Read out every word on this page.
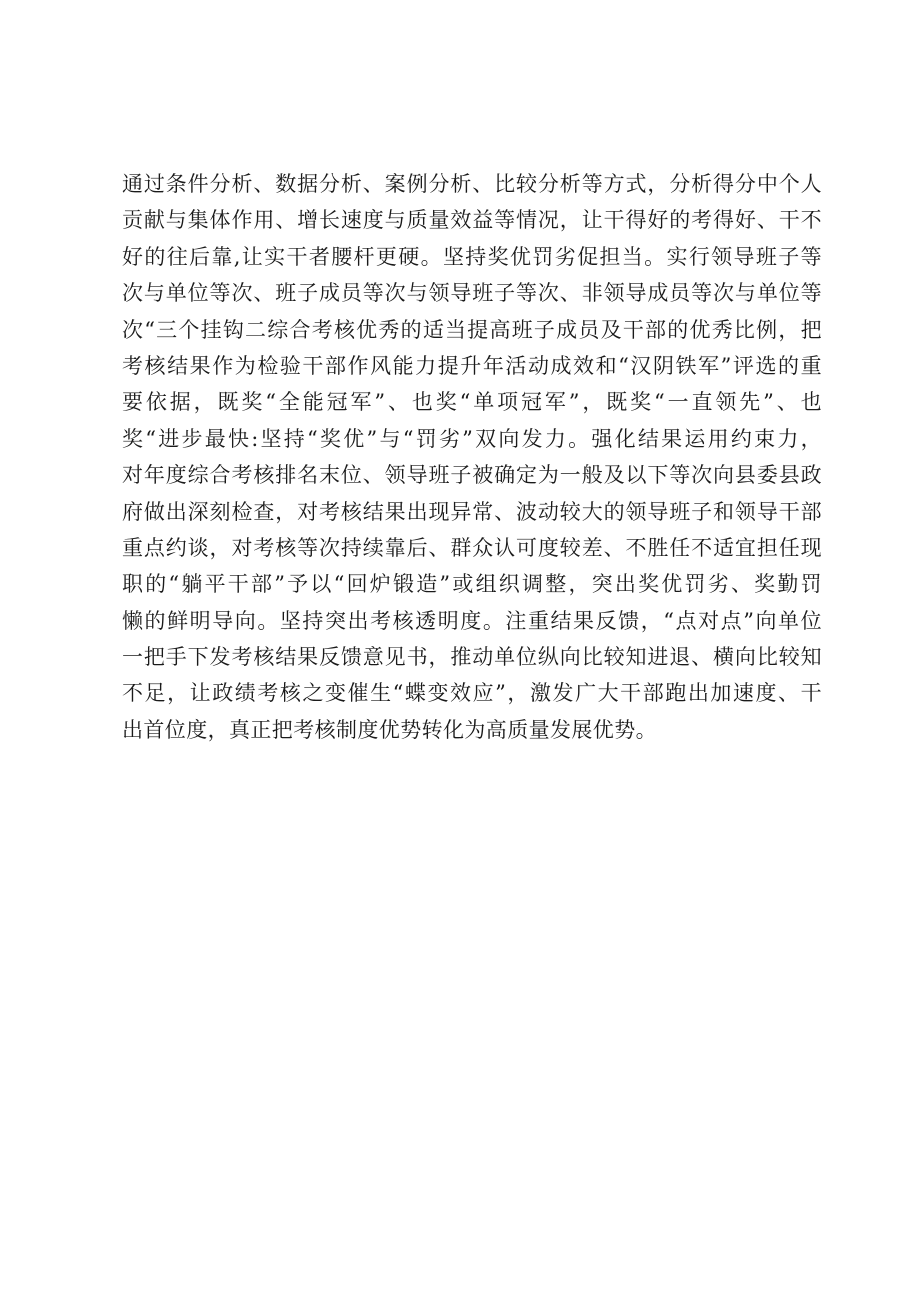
通过条件分析、数据分析、案例分析、比较分析等方式，分析得分中个人
贡献与集体作用、增长速度与质量效益等情况，让干得好的考得好、干不
好的往后靠,让实干者腰杆更硬。坚持奖优罚劣促担当。实行领导班子等
次与单位等次、班子成员等次与领导班子等次、非领导成员等次与单位等
次“三个挂钩二综合考核优秀的适当提高班子成员及干部的优秀比例，把
考核结果作为检验干部作风能力提升年活动成效和“汉阴铁军”评选的重
要依据，既奖“全能冠军”、也奖“单项冠军”，既奖“一直领先”、也
奖“进步最快:坚持“奖优”与“罚劣”双向发力。强化结果运用约束力，
对年度综合考核排名末位、领导班子被确定为一般及以下等次向县委县政
府做出深刻检查，对考核结果出现异常、波动较大的领导班子和领导干部
重点约谈，对考核等次持续靠后、群众认可度较差、不胜任不适宜担任现
职的“躺平干部”予以“回炉锻造”或组织调整，突出奖优罚劣、奖勤罚
懒的鲜明导向。坚持突出考核透明度。注重结果反馈，“点对点”向单位
一把手下发考核结果反馈意见书，推动单位纵向比较知进退、横向比较知
不足，让政绩考核之变催生“蝶变效应”，激发广大干部跑出加速度、干
出首位度，真正把考核制度优势转化为高质量发展优势。
